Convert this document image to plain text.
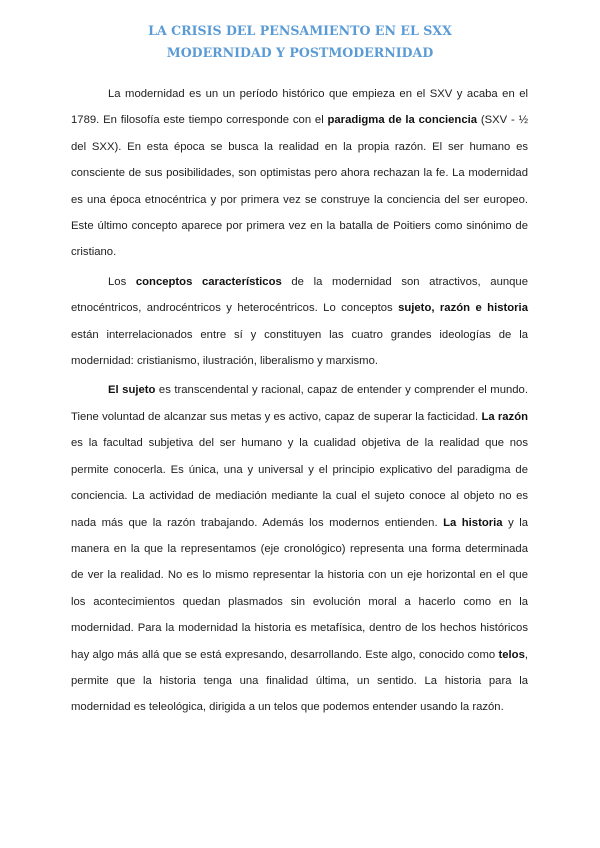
LA CRISIS DEL PENSAMIENTO EN EL SXX
MODERNIDAD Y POSTMODERNIDAD

La modernidad es un un período histórico que empieza en el SXV y acaba en el 1789. En filosofía este tiempo corresponde con el paradigma de la conciencia (SXV - ½ del SXX). En esta época se busca la realidad en la propia razón. El ser humano es consciente de sus posibilidades, son optimistas pero ahora rechazan la fe. La modernidad es una época etnocéntrica y por primera vez se construye la conciencia del ser europeo. Este último concepto aparece por primera vez en la batalla de Poitiers como sinónimo de cristiano.

Los conceptos característicos de la modernidad son atractivos, aunque etnocéntricos, androcéntricos y heterocéntricos. Lo conceptos sujeto, razón e historia están interrelacionados entre sí y constituyen las cuatro grandes ideologías de la modernidad: cristianismo, ilustración, liberalismo y marxismo.

El sujeto es transcendental y racional, capaz de entender y comprender el mundo. Tiene voluntad de alcanzar sus metas y es activo, capaz de superar la facticidad. La razón es la facultad subjetiva del ser humano y la cualidad objetiva de la realidad que nos permite conocerla. Es única, una y universal y el principio explicativo del paradigma de conciencia. La actividad de mediación mediante la cual el sujeto conoce al objeto no es nada más que la razón trabajando. Además los modernos entienden. La historia y la manera en la que la representamos (eje cronológico) representa una forma determinada de ver la realidad. No es lo mismo representar la historia con un eje horizontal en el que los acontecimientos quedan plasmados sin evolución moral a hacerlo como en la modernidad. Para la modernidad la historia es metafísica, dentro de los hechos históricos hay algo más allá que se está expresando, desarrollando. Este algo, conocido como telos, permite que la historia tenga una finalidad última, un sentido. La historia para la modernidad es teleológica, dirigida a un telos que podemos entender usando la razón.
